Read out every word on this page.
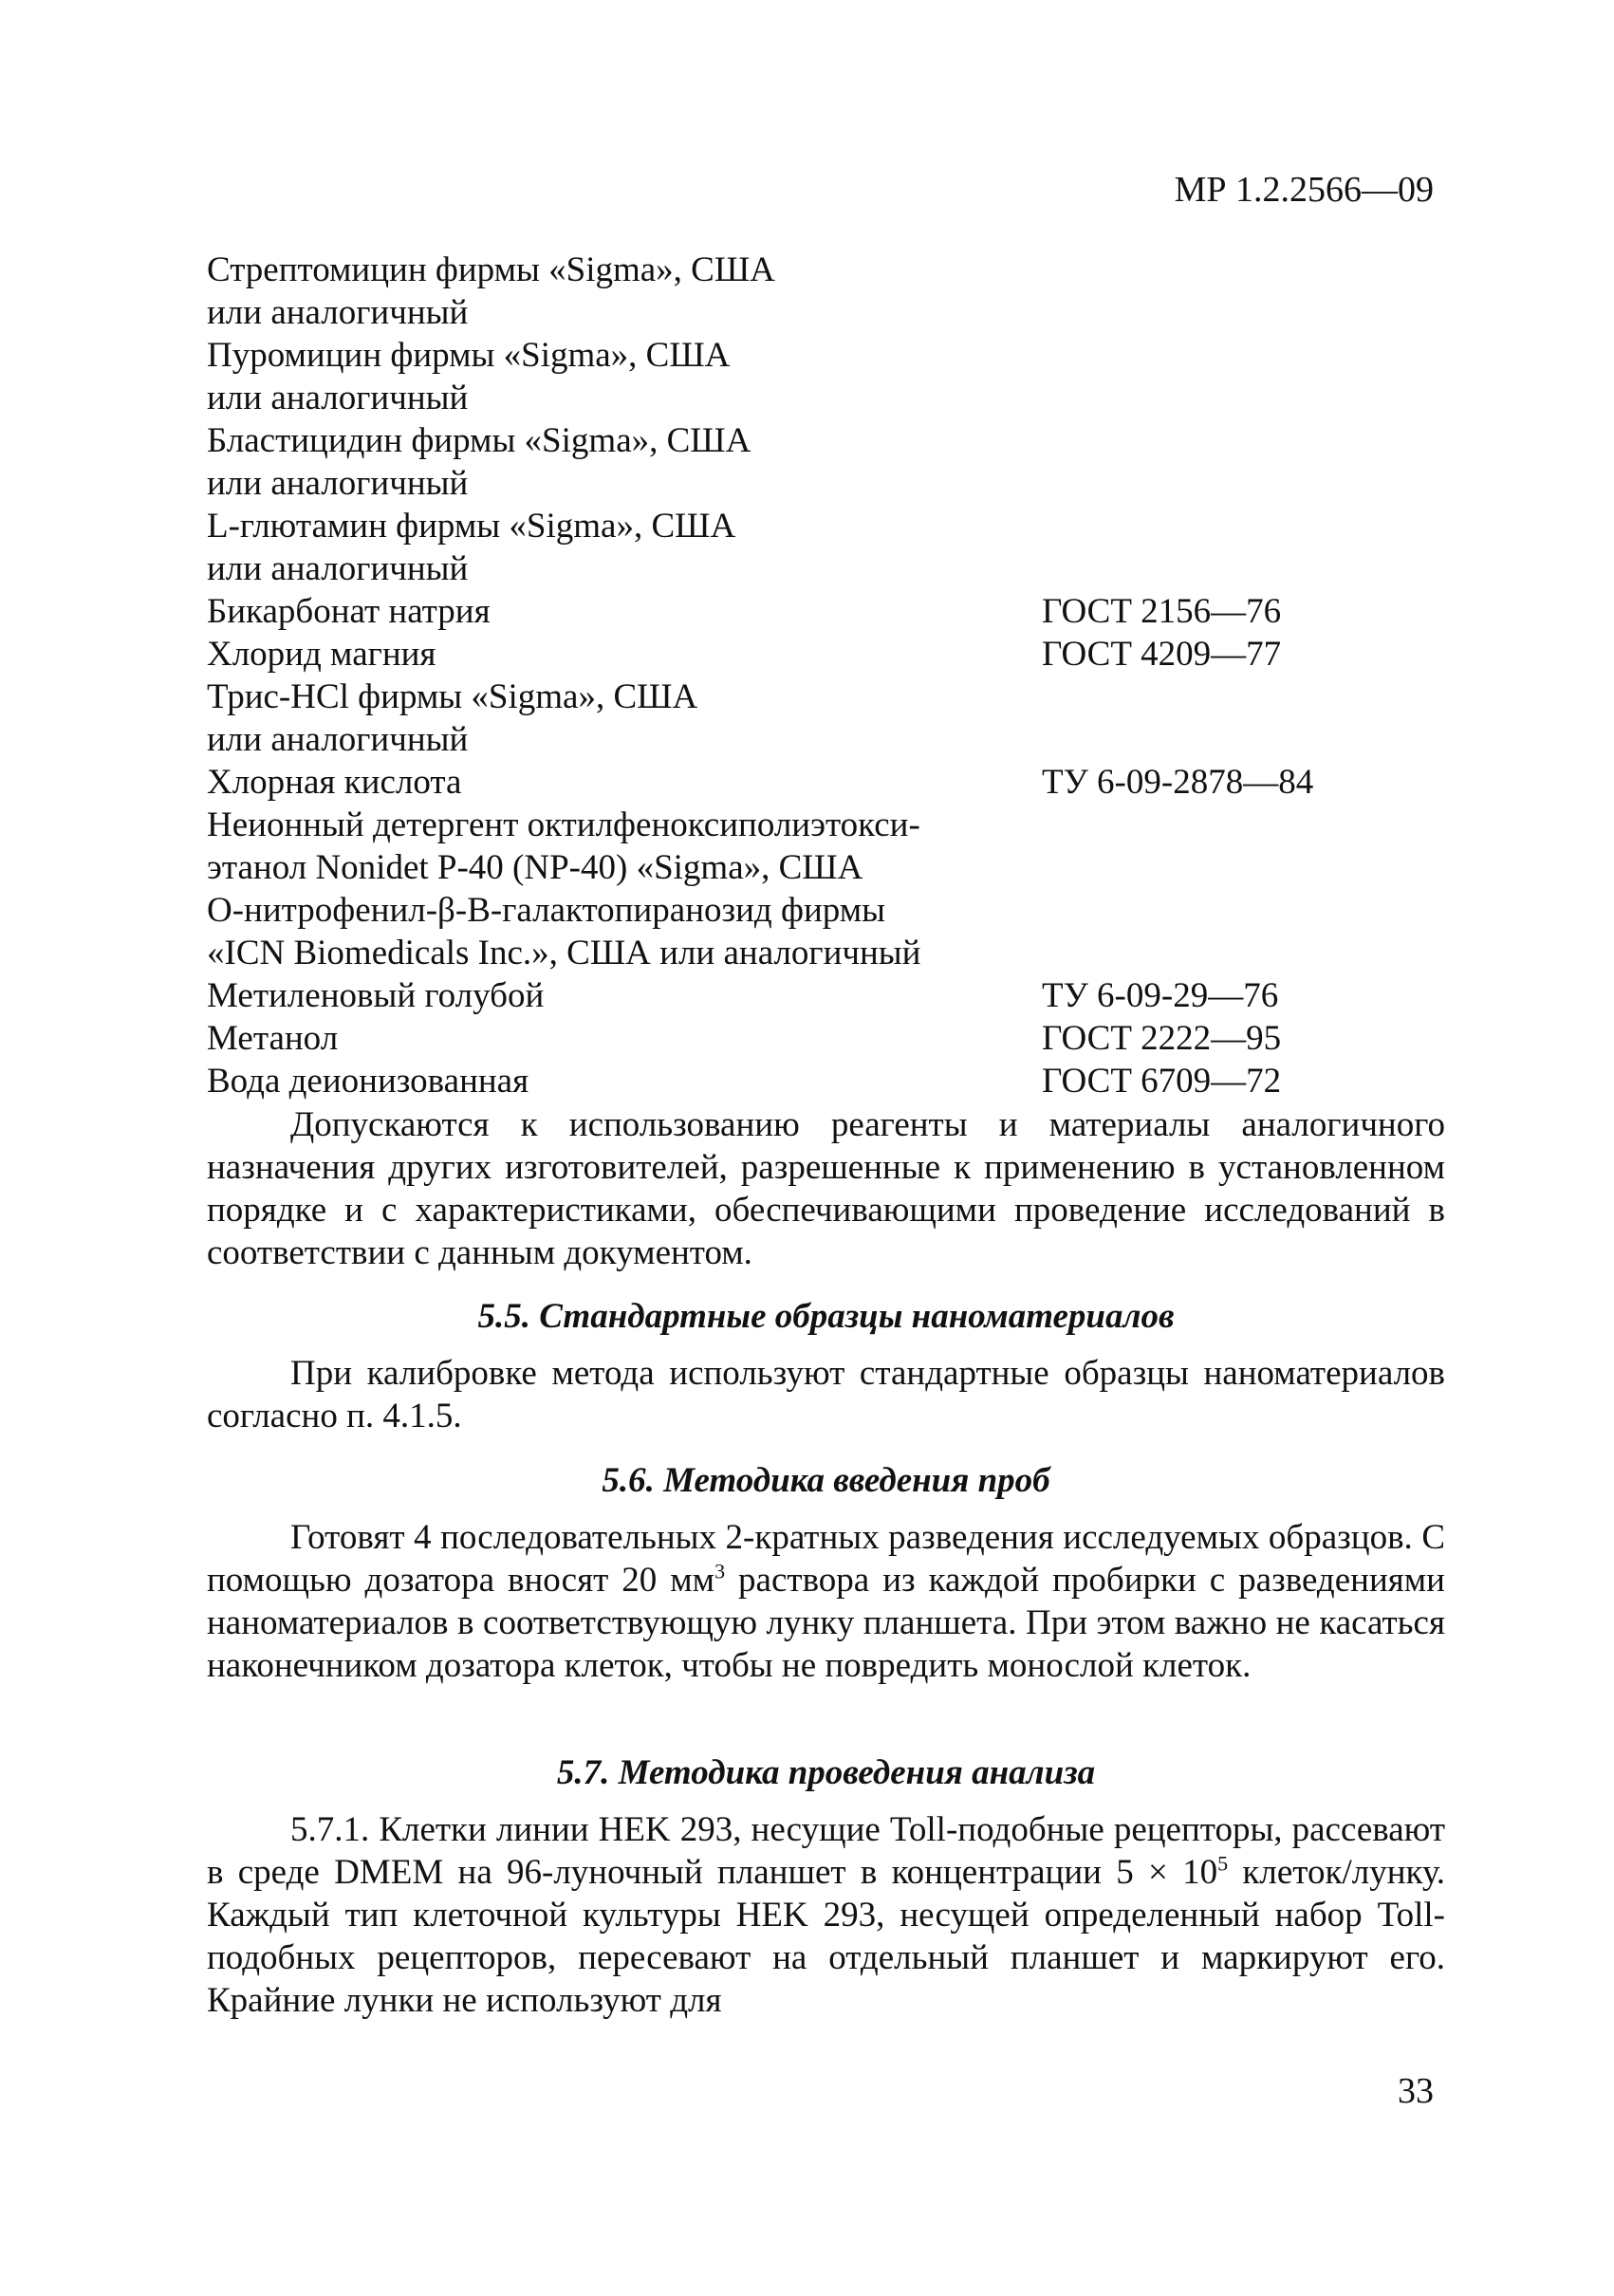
МР 1.2.2566—09
Стрептомицин фирмы «Sigma», США
или аналогичный
Пуромицин фирмы «Sigma», США
или аналогичный
Бластицидин фирмы «Sigma», США
или аналогичный
L-глютамин фирмы «Sigma», США
или аналогичный
Бикарбонат натрия	ГОСТ 2156—76
Хлорид магния	ГОСТ 4209—77
Трис-HCl фирмы «Sigma», США
или аналогичный
Хлорная кислота	ТУ 6-09-2878—84
Неионный детергент октилфеноксиполиэтокси-
этанол Nonidet P-40 (NP-40) «Sigma», США
О-нитрофенил-β-В-галактопиранозид фирмы
«ICN Biomedicals Inc.», США или аналогичный
Метиленовый голубой	ТУ 6-09-29—76
Метанол	ГОСТ 2222—95
Вода деионизованная	ГОСТ 6709—72

Допускаются к использованию реагенты и материалы аналогичного назначения других изготовителей, разрешенные к применению в установленном порядке и с характеристиками, обеспечивающими проведение исследований в соответствии с данным документом.

5.5. Стандартные образцы наноматериалов

При калибровке метода используют стандартные образцы наноматериалов согласно п. 4.1.5.

5.6. Методика введения проб

Готовят 4 последовательных 2-кратных разведения исследуемых образцов. С помощью дозатора вносят 20 $мм^3$ раствора из каждой пробирки с разведениями наноматериалов в соответствующую лунку планшета. При этом важно не касаться наконечником дозатора клеток, чтобы не повредить монослой клеток.

5.7. Методика проведения анализа

5.7.1. Клетки линии HEK 293, несущие Toll-подобные рецепторы, рассевают в среде DMEM на 96-луночный планшет в концентрации $5 \times 10^5$ клеток/лунку. Каждый тип клеточной культуры HEK 293, несущей определенный набор Toll-подобных рецепторов, пересевают на отдельный планшет и маркируют его. Крайние лунки не используют для

33
